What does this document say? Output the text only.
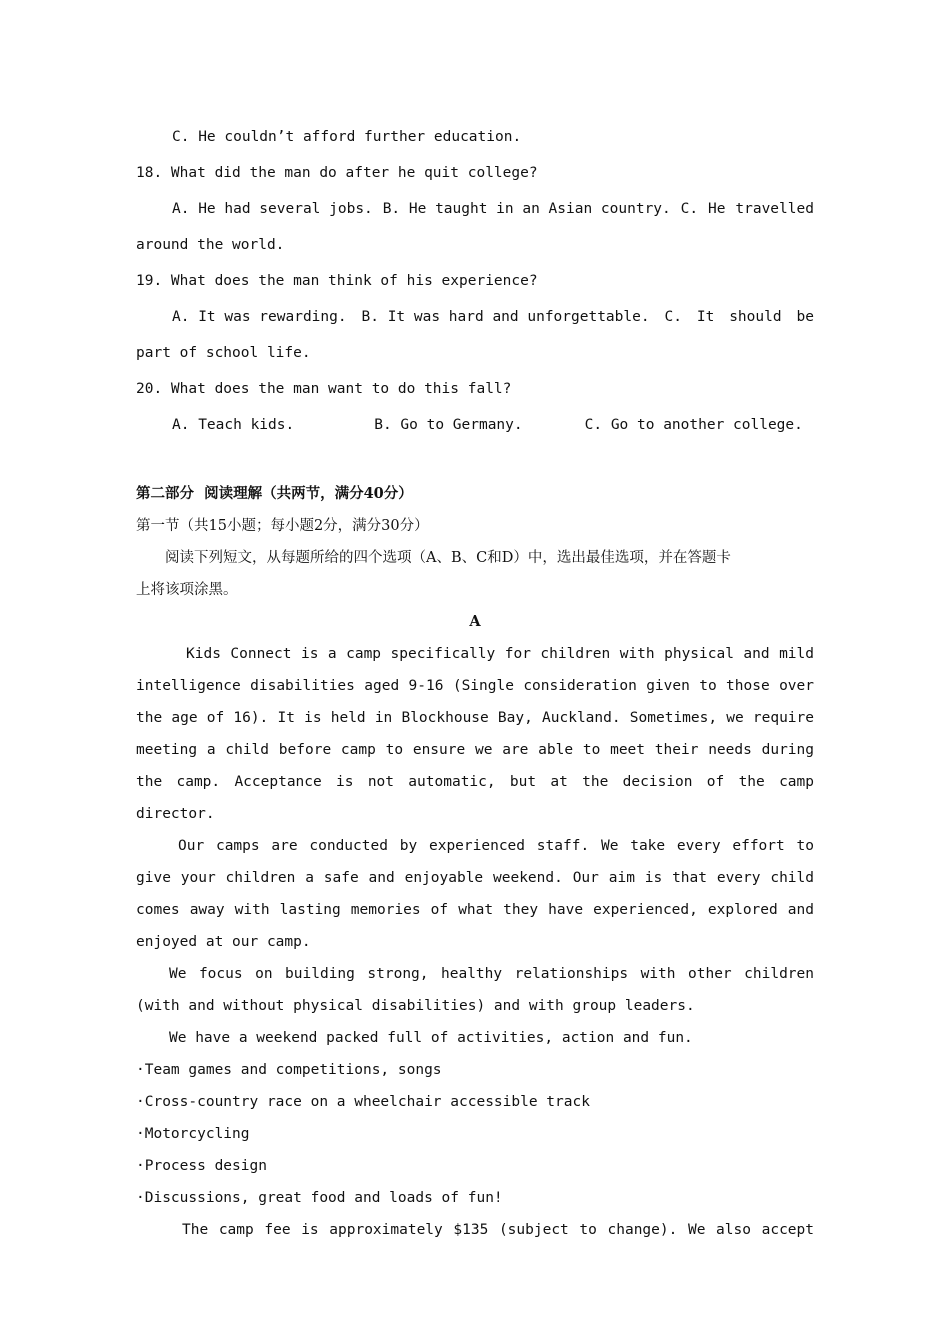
C. He couldn’t afford further education.
18. What did the man do after he quit college?
A. He had several jobs. B. He taught in an Asian country. C. He travelled
around the world.
19. What does the man think of his experience?
A. It was rewarding. B. It was hard and unforgettable. C. It should be
part of school life.
20. What does the man want to do this fall?
A. Teach kids.	B. Go to Germany.	C. Go to another college.
第二部分  阅读理解（共两节，满分40分）
第一节（共15小题；每小题2分，满分30分）
阅读下列短文，从每题所给的四个选项（A、B、C和D）中，选出最佳选项，并在答题卡
上将该项涂黑。
A

Kids Connect is a camp specifically for children with physical and mild intelligence disabilities aged 9-16 (Single consideration given to those over the age of 16). It is held in Blockhouse Bay, Auckland. Sometimes, we require meeting a child before camp to ensure we are able to meet their needs during the camp. Acceptance is not automatic, but at the decision of the camp director.

Our camps are conducted by experienced staff. We take every effort to give your children a safe and enjoyable weekend. Our aim is that every child comes away with lasting memories of what they have experienced, explored and enjoyed at our camp.

We focus on building strong, healthy relationships with other children (with and without physical disabilities) and with group leaders.

We have a weekend packed full of activities, action and fun.

·Team games and competitions, songs
·Cross-country race on a wheelchair accessible track
·Motorcycling
·Process design
·Discussions, great food and loads of fun!

The camp fee is approximately $135 (subject to change). We also accept
